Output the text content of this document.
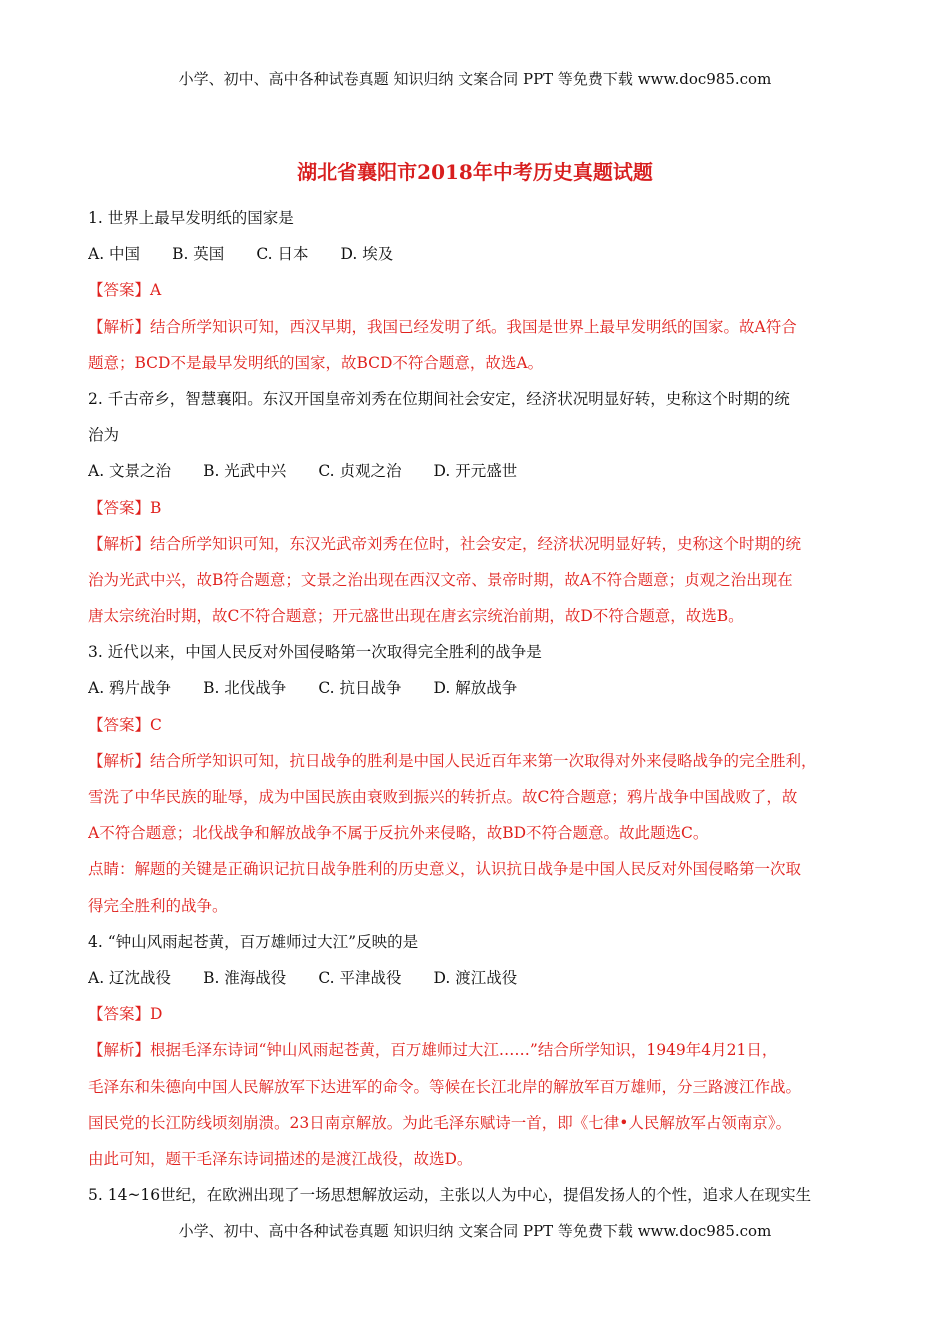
小学、初中、高中各种试卷真题 知识归纳 文案合同 PPT 等免费下载 www.doc985.com
湖北省襄阳市2018年中考历史真题试题
1. 世界上最早发明纸的国家是
A. 中国 B. 英国 C. 日本 D. 埃及
【答案】A
【解析】结合所学知识可知，西汉早期，我国已经发明了纸。我国是世界上最早发明纸的国家。故A符合
题意；BCD不是最早发明纸的国家，故BCD不符合题意，故选A。
2. 千古帝乡，智慧襄阳。东汉开国皇帝刘秀在位期间社会安定，经济状况明显好转，史称这个时期的统
治为
A. 文景之治 B. 光武中兴 C. 贞观之治 D. 开元盛世
【答案】B
【解析】结合所学知识可知，东汉光武帝刘秀在位时，社会安定，经济状况明显好转，史称这个时期的统
治为光武中兴，故B符合题意；文景之治出现在西汉文帝、景帝时期，故A不符合题意；贞观之治出现在
唐太宗统治时期，故C不符合题意；开元盛世出现在唐玄宗统治前期，故D不符合题意，故选B。
3. 近代以来，中国人民反对外国侵略第一次取得完全胜利的战争是
A. 鸦片战争 B. 北伐战争 C. 抗日战争 D. 解放战争
【答案】C
【解析】结合所学知识可知，抗日战争的胜利是中国人民近百年来第一次取得对外来侵略战争的完全胜利，
雪洗了中华民族的耻辱，成为中国民族由衰败到振兴的转折点。故C符合题意；鸦片战争中国战败了，故
A不符合题意；北伐战争和解放战争不属于反抗外来侵略，故BD不符合题意。故此题选C。
点睛：解题的关键是正确识记抗日战争胜利的历史意义，认识抗日战争是中国人民反对外国侵略第一次取
得完全胜利的战争。
4. “钟山风雨起苍黄，百万雄师过大江”反映的是
A. 辽沈战役 B. 淮海战役 C. 平津战役 D. 渡江战役
【答案】D
【解析】根据毛泽东诗词“钟山风雨起苍黄，百万雄师过大江……”结合所学知识，1949年4月21日，
毛泽东和朱德向中国人民解放军下达进军的命令。等候在长江北岸的解放军百万雄师，分三路渡江作战。
国民党的长江防线顷刻崩溃。23日南京解放。为此毛泽东赋诗一首，即《七律•人民解放军占领南京》。
由此可知，题干毛泽东诗词描述的是渡江战役，故选D。
5. 14~16世纪，在欧洲出现了一场思想解放运动，主张以人为中心，提倡发扬人的个性，追求人在现实生
小学、初中、高中各种试卷真题 知识归纳 文案合同 PPT 等免费下载 www.doc985.com
